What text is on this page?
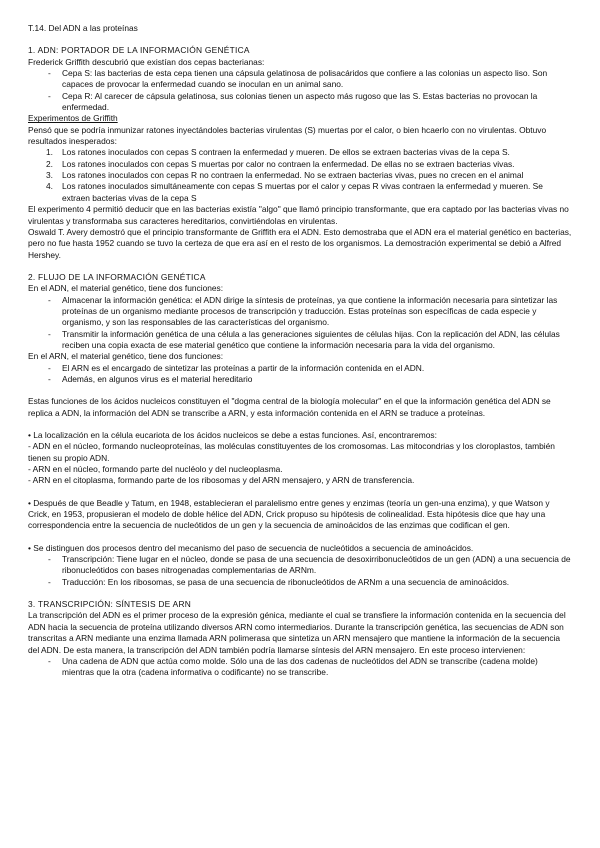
T.14. Del ADN a las proteínas

1. ADN: PORTADOR DE LA INFORMACIÓN GENÉTICA

Frederick Griffith descubrió que existían dos cepas bacterianas:

- Cepa S: las bacterias de esta cepa tienen una cápsula gelatinosa de polisacáridos que confiere a las colonias un aspecto liso. Son capaces de provocar la enfermedad cuando se inoculan en un animal sano.
- Cepa R: Al carecer de cápsula gelatinosa, sus colonias tienen un aspecto más rugoso que las S. Estas bacterias no provocan la enfermedad.

Experimentos de Griffith

Pensó que se podría inmunizar ratones inyectándoles bacterias virulentas (S) muertas por el calor, o bien hcaerlo con no virulentas. Obtuvo resultados inesperados:

1. Los ratones inoculados con cepas S contraen la enfermedad y mueren. De ellos se extraen bacterias vivas de la cepa S.
2. Los ratones inoculados con cepas S muertas por calor no contraen la enfermedad. De ellas no se extraen bacterias vivas.
3. Los ratones inoculados con cepas R no contraen la enfermedad. No se extraen bacterias vivas, pues no crecen en el animal
4. Los ratones inoculados simultáneamente con cepas S muertas por el calor y cepas R vivas contraen la enfermedad y mueren. Se extraen bacterias vivas de la cepa S

El experimento 4 permitió deducir que en las bacterias existía "algo" que llamó principio transformante, que era captado por las bacterias vivas no virulentas y transformaba sus caracteres hereditarios, convirtiéndolas en virulentas.

Oswald T. Avery demostró que el principio transformante de Griffith era el ADN. Esto demostraba que el ADN era el material genético en bacterias, pero no fue hasta 1952 cuando se tuvo la certeza de que era así en el resto de los organismos. La demostración experimental se debió a Alfred Hershey.

2. FLUJO DE LA INFORMACIÓN GENÉTICA

En el ADN, el material genético, tiene dos funciones:

- Almacenar la información genética: el ADN dirige la síntesis de proteínas, ya que contiene la información necesaria para sintetizar las proteínas de un organismo mediante procesos de transcripción y traducción. Estas proteínas son específicas de cada especie y organismo, y son las responsables de las características del organismo.
- Transmitir la información genética de una célula a las generaciones siguientes de células hijas. Con la replicación del ADN, las células reciben una copia exacta de ese material genético que contiene la información necesaria para la vida del organismo.

En el ARN, el material genético, tiene dos funciones:

- El ARN es el encargado de sintetizar las proteínas a partir de la información contenida en el ADN.
- Además, en algunos virus es el material hereditario

Estas funciones de los ácidos nucleicos constituyen el "dogma central de la biología molecular" en el que la información genética del ADN se replica a ADN, la información del ADN se transcribe a ARN, y esta información contenida en el ARN se traduce a proteínas.

• La localización en la célula eucariota de los ácidos nucleicos se debe a estas funciones. Así, encontraremos:

- ADN en el núcleo, formando nucleoproteínas, las moléculas constituyentes de los cromosomas. Las mitocondrias y los cloroplastos, también tienen su propio ADN.

- ARN en el núcleo, formando parte del nucléolo y del nucleoplasma.

- ARN en el citoplasma, formando parte de los ribosomas y del ARN mensajero, y ARN de transferencia.

• Después de que Beadle y Tatum, en 1948, establecieran el paralelismo entre genes y enzimas (teoría un gen-una enzima), y que Watson y Crick, en 1953, propusieran el modelo de doble hélice del ADN, Crick propuso su hipótesis de colinealidad. Esta hipótesis dice que hay una correspondencia entre la secuencia de nucleótidos de un gen y la secuencia de aminoácidos de las enzimas que codifican el gen.

• Se distinguen dos procesos dentro del mecanismo del paso de secuencia de nucleótidos a secuencia de aminoácidos.

- Transcripción: Tiene lugar en el núcleo, donde se pasa de una secuencia de desoxirribonucleótidos de un gen (ADN) a una secuencia de ribonucleótidos con bases nitrogenadas complementarias de ARNm.
- Traducción: En los ribosomas, se pasa de una secuencia de ribonucleótidos de ARNm a una secuencia de aminoácidos.

3. TRANSCRIPCIÓN: SÍNTESIS DE ARN

La transcripción del ADN es el primer proceso de la expresión génica, mediante el cual se transfiere la información contenida en la secuencia del ADN hacia la secuencia de proteína utilizando diversos ARN como intermediarios. Durante la transcripción genética, las secuencias de ADN son transcritas a ARN mediante una enzima llamada ARN polimerasa que sintetiza un ARN mensajero que mantiene la información de la secuencia del ADN. De esta manera, la transcripción del ADN también podría llamarse síntesis del ARN mensajero. En este proceso intervienen:

- Una cadena de ADN que actúa como molde. Sólo una de las dos cadenas de nucleótidos del ADN se transcribe (cadena molde) mientras que la otra (cadena informativa o codificante) no se transcribe.
